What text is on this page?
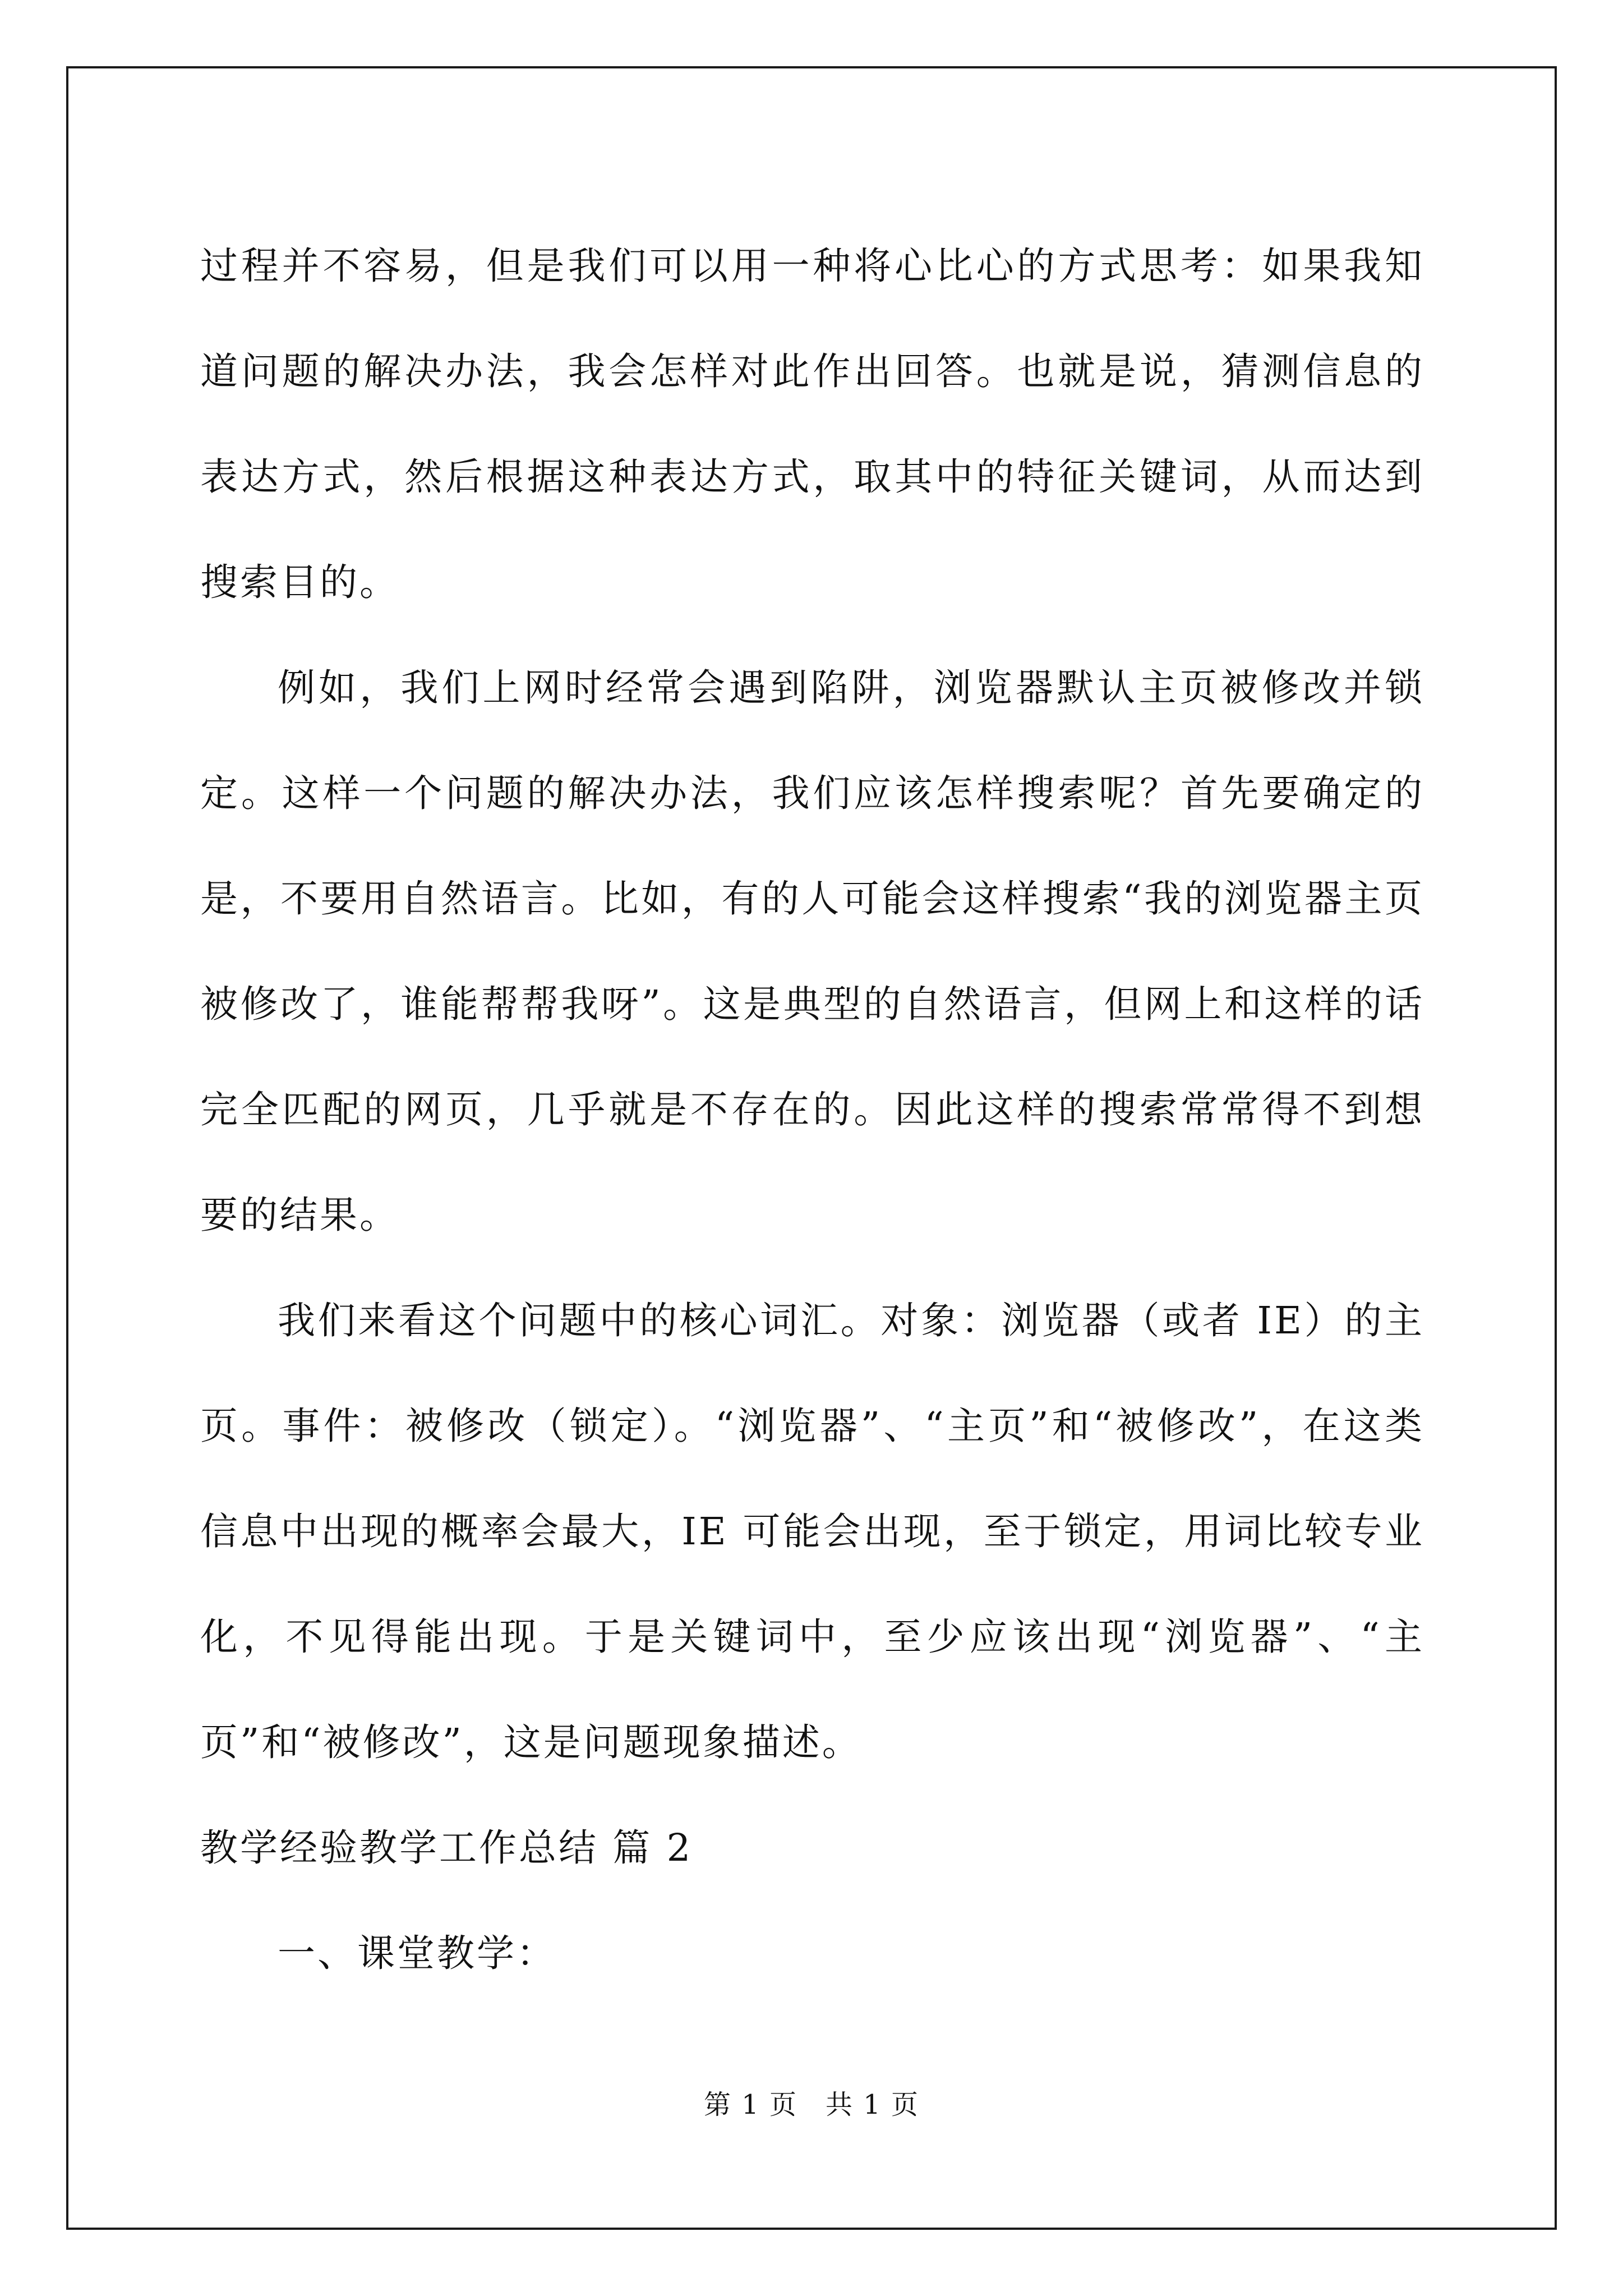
过程并不容易，但是我们可以用一种将心比心的方式思考：如果我知道问题的解决办法，我会怎样对此作出回答。也就是说，猜测信息的表达方式，然后根据这种表达方式，取其中的特征关键词，从而达到搜索目的。

例如，我们上网时经常会遇到陷阱，浏览器默认主页被修改并锁定。这样一个问题的解决办法，我们应该怎样搜索呢？首先要确定的是，不要用自然语言。比如，有的人可能会这样搜索“我的浏览器主页被修改了，谁能帮帮我呀”。这是典型的自然语言，但网上和这样的话完全匹配的网页，几乎就是不存在的。因此这样的搜索常常得不到想要的结果。

我们来看这个问题中的核心词汇。对象：浏览器（或者 IE）的主页。事件：被修改（锁定）。“浏览器”、“主页”和“被修改”，在这类信息中出现的概率会最大，IE 可能会出现，至于锁定，用词比较专业化，不见得能出现。于是关键词中，至少应该出现“浏览器”、“主页”和“被修改”，这是问题现象描述。

教学经验教学工作总结 篇 2

一、课堂教学：

第 1 页　共 1 页
